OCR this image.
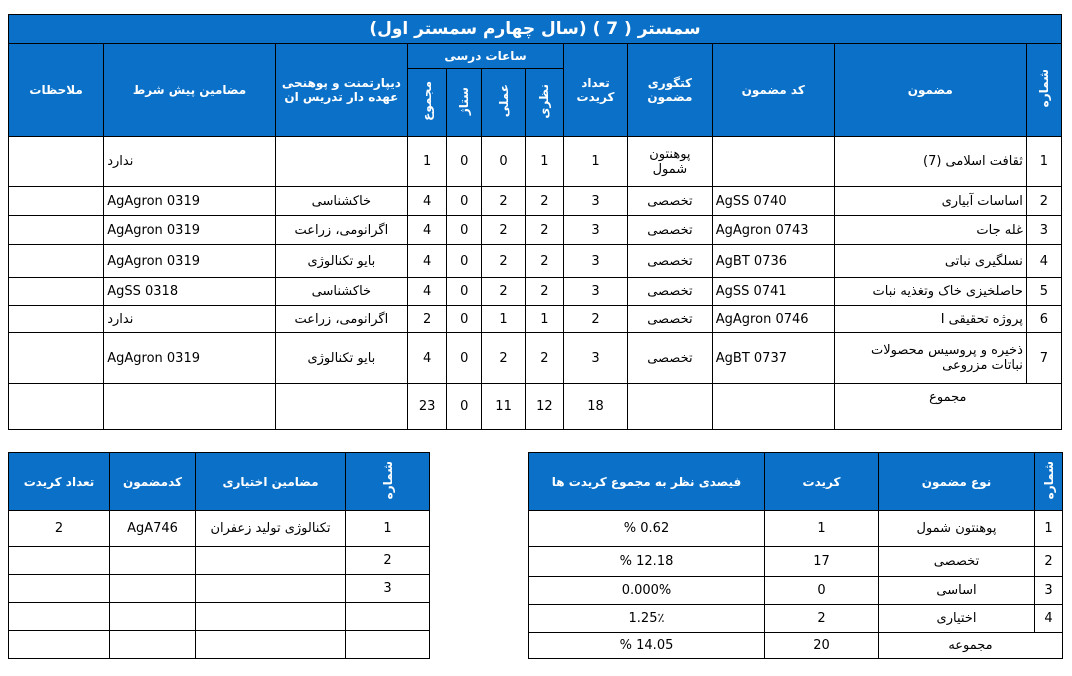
سمستر ( 7 ) (سال چهارم سمستر اول)											
شماره	مضمون	کد مضمون	کتگوری مضمون	تعداد کریدت	ساعات درسی				دیپارتمنت و پوهنحی عهده دار تدریس ان	مضامین پیش شرط	ملاحظات
					نظری	عملی	ستاژ	مجموع			
1	ثقافت اسلامی (7)		پوهنتون شمول	1	1	0	0	1		ندارد	
2	اساسات آبیاری	AgSS 0740	تخصصی	3	2	2	0	4	خاکشناسی	AgAgron 0319	
3	غله جات	AgAgron 0743	تخصصی	3	2	2	0	4	اگرانومی، زراعت	AgAgron 0319	
4	نسلگیری نباتی	AgBT 0736	تخصصی	3	2	2	0	4	بایو تکنالوژی	AgAgron 0319	
5	حاصلخیزی خاک وتغذیه نبات	AgSS 0741	تخصصی	3	2	2	0	4	خاکشناسی	AgSS 0318	
6	پروژه تحقیقی I	AgAgron 0746	تخصصی	2	1	1	0	2	اگرانومی، زراعت	ندارد	
7	ذخیره و پروسیس محصولات نباتات مزروعی	AgBT 0737	تخصصی	3	2	2	0	4	بایو تکنالوژی	AgAgron 0319	
مجموع				18	12	11	0	23			
شماره	مضامین اختیاری	کدمضمون	تعداد کریدت
1	تکنالوژی تولید زعفران	AgA746	2
2			
3			

شماره	نوع مضمون	کریدت	فیصدی نظر به مجموع کریدت ها
1	پوهنتون شمول	1	0.62 %
2	تخصصی	17	12.18 %
3	اساسی	0	0.000%
4	اختیاری	2	1.25٪
مجموعه		20	14.05 %
